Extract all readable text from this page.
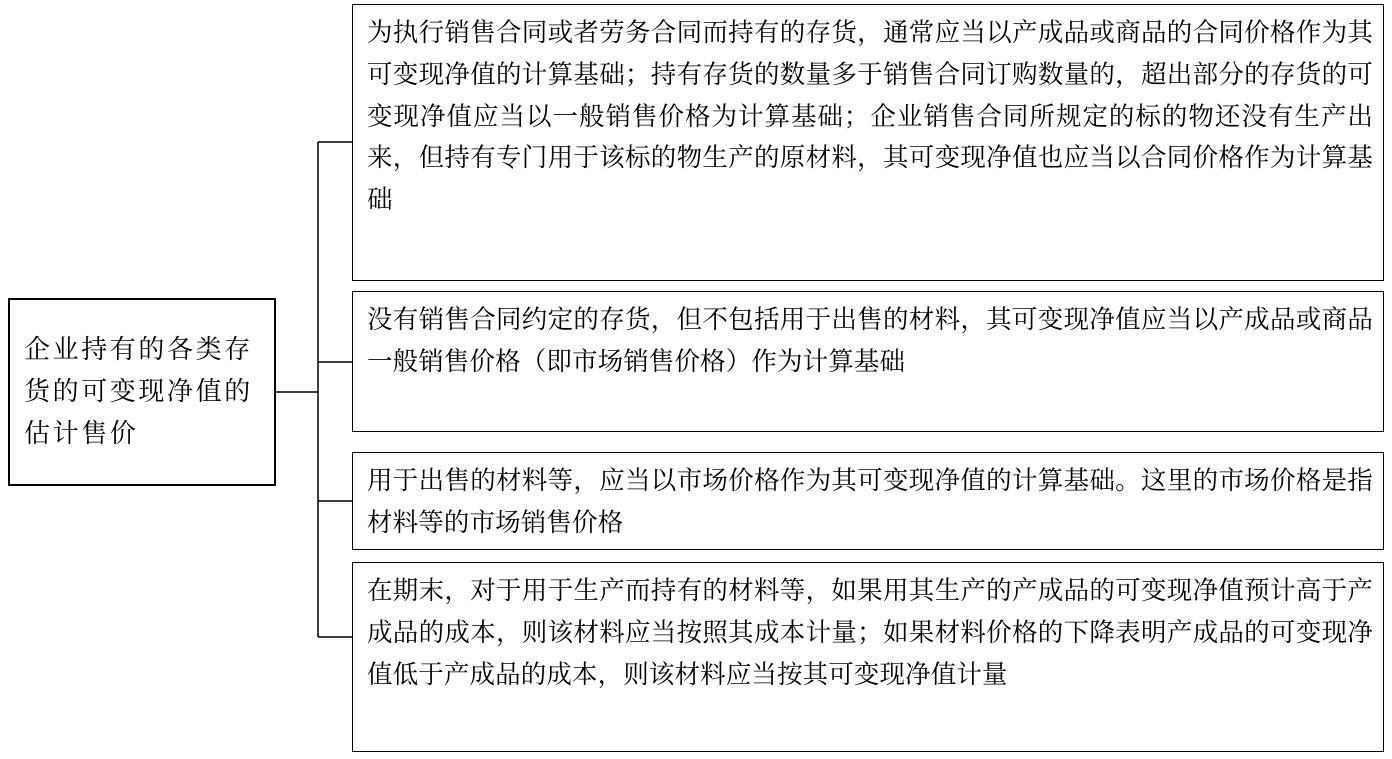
企业持有的各类存货的可变现净值的估计售价
为执行销售合同或者劳务合同而持有的存货，通常应当以产成品或商品的合同价格作为其可变现净值的计算基础；持有存货的数量多于销售合同订购数量的，超出部分的存货的可变现净值应当以一般销售价格为计算基础；企业销售合同所规定的标的物还没有生产出来，但持有专门用于该标的物生产的原材料，其可变现净值也应当以合同价格作为计算基础
没有销售合同约定的存货，但不包括用于出售的材料，其可变现净值应当以产成品或商品一般销售价格（即市场销售价格）作为计算基础
用于出售的材料等，应当以市场价格作为其可变现净值的计算基础。这里的市场价格是指材料等的市场销售价格
在期末，对于用于生产而持有的材料等，如果用其生产的产成品的可变现净值预计高于产成品的成本，则该材料应当按照其成本计量；如果材料价格的下降表明产成品的可变现净值低于产成品的成本，则该材料应当按其可变现净值计量
